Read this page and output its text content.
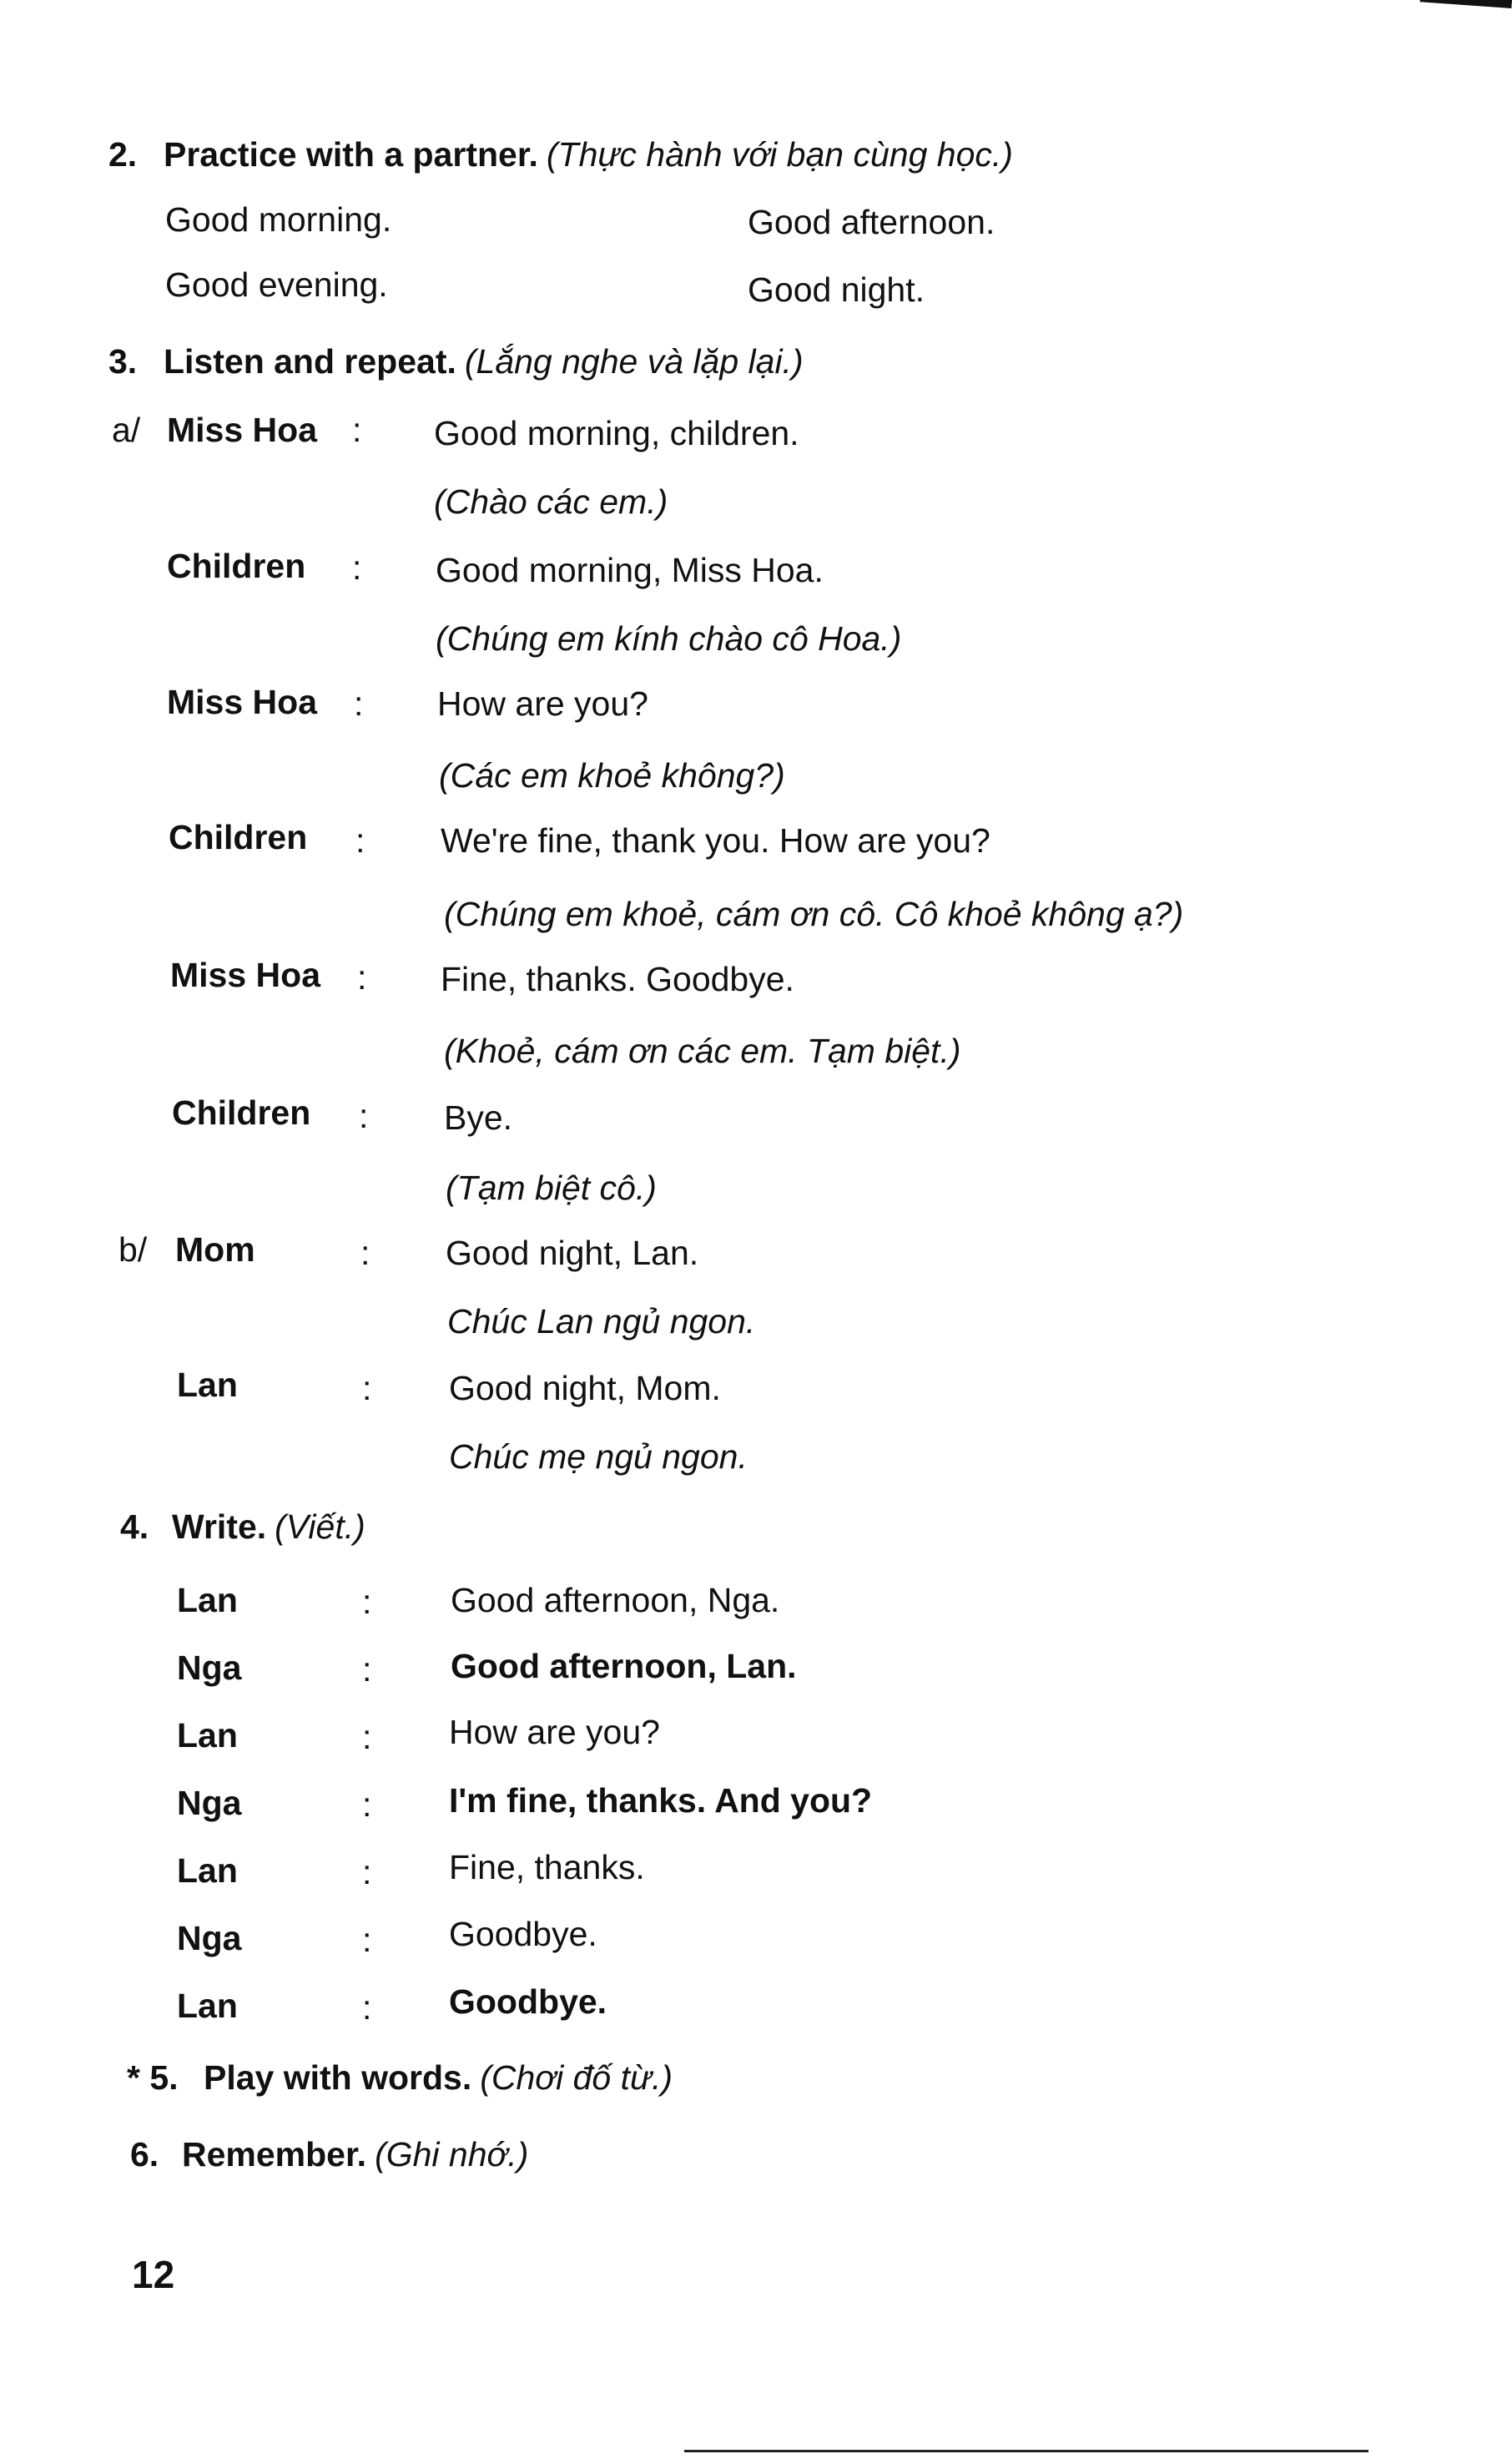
2. Practice with a partner. (Thực hành với bạn cùng học.)
Good morning.	Good afternoon.
Good evening.	Good night.
3. Listen and repeat. (Lắng nghe và lặp lại.)
a/ Miss Hoa : Good morning, children.
(Chào các em.)
Children : Good morning, Miss Hoa.
(Chúng em kính chào cô Hoa.)
Miss Hoa : How are you?
(Các em khoẻ không?)
Children : We're fine, thank you. How are you?
(Chúng em khoẻ, cám ơn cô. Cô khoẻ không ạ?)
Miss Hoa : Fine, thanks. Goodbye.
(Khoẻ, cám ơn các em. Tạm biệt.)
Children : Bye.
(Tạm biệt cô.)
b/ Mom	: Good night, Lan.
Chúc Lan ngủ ngon.
Lan	: Good night, Mom.
Chúc mẹ ngủ ngon.
4. Write. (Viết.)
Lan	: Good afternoon, Nga.
Nga	: Good afternoon, Lan.
Lan	: How are you?
Nga	: I'm fine, thanks. And you?
Lan	: Fine, thanks.
Nga	: Goodbye.
Lan	: Goodbye.
* 5. Play with words. (Chơi đố từ.)
6. Remember. (Ghi nhớ.)
12
